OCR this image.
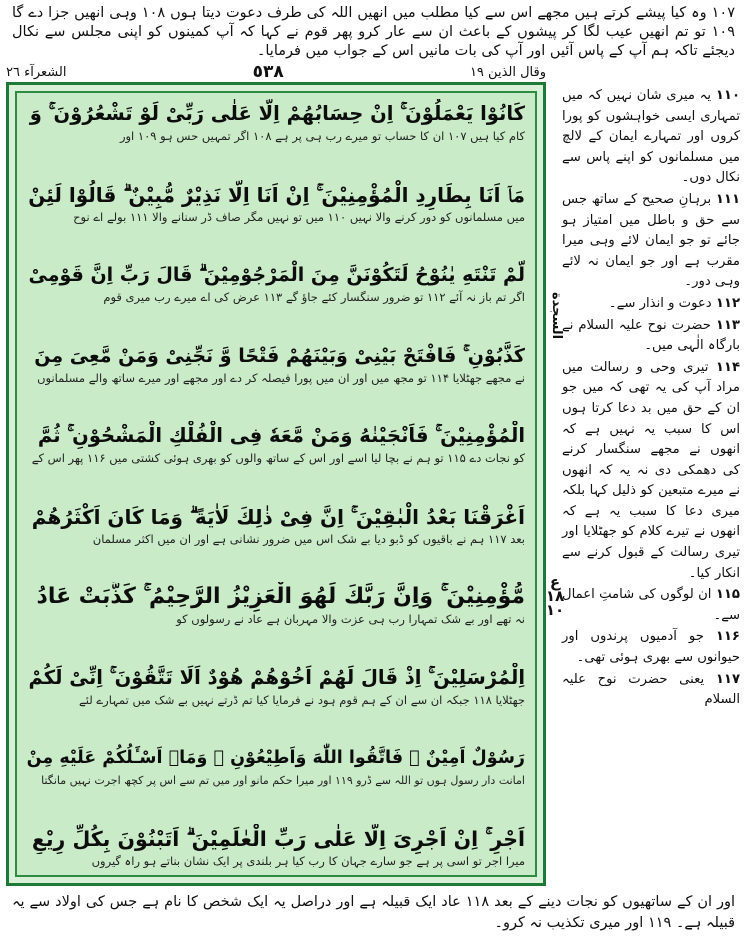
۱۰۷ وہ کیا پیشے کرتے ہیں مجھے اس سے کیا مطلب میں انھیں اللہ کی طرف دعوت دیتا ہوں ۱۰۸ وہی انھیں جزا دے گا ۱۰۹ تو تم انھیں عیب لگا کر پیشوں کے باعث ان سے عار کرو پھر قوم نے کہا کہ آپ کمینوں کو اپنی مجلس سے نکال دیجئے تاکہ ہم آپ کے پاس آئیں اور آپ کی بات مانیں اس کے جواب میں فرمایا۔
وقال الذين ١٩
٥٣٨
الشعرآء ٢٦
كَانُوْا يَعْمَلُوْنَ ۚ اِنْ حِسَابُهُمْ اِلَّا عَلٰى رَبِّىْ لَوْ تَشْعُرُوْنَ ۚ وَ
کام کیا ہیں ۱۰۷ ان کا حساب تو میرے رب ہی پر ہے ۱۰۸ اگر تمہیں حس ہو ۱۰۹ اور
مَاۤ اَنَا بِطَارِدِ الْمُؤْمِنِيْنَ ۚ اِنْ اَنَا اِلَّا نَذِيْرٌ مُّبِيْنٌ ۗ قَالُوْا لَئِنْ
میں مسلمانوں کو دور کرنے والا نہیں ۱۱۰ میں تو نہیں مگر صاف ڈر سنانے والا ۱۱۱ بولے اے نوح
لَّمْ تَنْتَهِ يٰنُوْحُ لَتَكُوْنَنَّ مِنَ الْمَرْجُوْمِيْنَ ۗ قَالَ رَبِّ اِنَّ قَوْمِىْ
اگر تم باز نہ آئے ۱۱۲ تو ضرور سنگسار کئے جاؤ گے ۱۱۳ عرض کی اے میرے رب میری قوم
كَذَّبُوْنِ ۚ فَافْتَحْ بَيْنِىْ وَبَيْنَهُمْ فَتْحًا وَّ نَجِّنِىْ وَمَنْ مَّعِىَ مِنَ
نے مجھے جھٹلایا ۱۱۴ تو مجھ میں اور ان میں پورا فیصلہ کر دے اور مجھے اور میرے ساتھ والے مسلمانوں
الْمُؤْمِنِيْنَ ۚ فَاَنْجَيْنٰهُ وَمَنْ مَّعَهٗ فِى الْفُلْكِ الْمَشْحُوْنِ ۚ ثُمَّ
کو نجات دے ۱۱۵ تو ہم نے بچا لیا اسے اور اس کے ساتھ والوں کو بھری ہوئی کشتی میں ۱۱۶ پھر اس کے
اَغْرَقْنَا بَعْدُ الْبٰقِيْنَ ۚ اِنَّ فِىْ ذٰلِكَ لَاٰيَةً ۗ وَمَا كَانَ اَكْثَرُهُمْ
بعد ۱۱۷ ہم نے باقیوں کو ڈبو دیا بے شک اس میں ضرور نشانی ہے اور ان میں اکثر مسلمان
مُّؤْمِنِيْنَ ۚ وَاِنَّ رَبَّكَ لَهُوَ الْعَزِيْزُ الرَّحِيْمُ ۚ كَذَّبَتْ عَادُ
نہ تھے اور بے شک تمہارا رب ہی عزت والا مہربان ہے عاد نے رسولوں کو
اِلْمُرْسَلِيْنَ ۚ اِذْ قَالَ لَهُمْ اَخُوْهُمْ هُوْدٌ اَلَا تَتَّقُوْنَ ۚ اِنِّىْ لَكُمْ
جھٹلایا ۱۱۸ جبکہ ان سے ان کے ہم قوم ہود نے فرمایا کیا تم ڈرتے نہیں بے شک میں تمہارے لئے
رَسُوْلٌ اَمِيْنٌ ۚ فَاتَّقُوا اللّٰهَ وَاَطِيْعُوْنِ ۚ وَمَاۤ اَسْـَٔلُكُمْ عَلَيْهِ مِنْ
امانت دار رسول ہوں تو اللہ سے ڈرو ۱۱۹ اور میرا حکم مانو اور میں تم سے اس پر کچھ اجرت نہیں مانگتا
اَجْرٍ ۚ اِنْ اَجْرِىَ اِلَّا عَلٰى رَبِّ الْعٰلَمِيْنَ ۗ اَتَبْنُوْنَ بِكُلِّ رِيْعٍ
میرا اجر تو اسی پر ہے جو سارے جہان کا رب کیا ہر بلندی پر ایک نشان بناتے ہو راہ گیروں
السجدة
ع ١٨ ١٠

۱۱۰ یہ میری شان نہیں کہ میں تمہاری ایسی خواہشوں کو پورا کروں اور تمہارے ایمان کے لالچ میں مسلمانوں کو اپنے پاس سے نکال دوں۔

۱۱۱ برہانِ صحیح کے ساتھ جس سے حق و باطل میں امتیاز ہو جائے تو جو ایمان لائے وہی میرا مقرب ہے اور جو ایمان نہ لائے وہی دور۔

۱۱۲ دعوت و انذار سے۔

۱۱۳ حضرت نوح علیہ السلام نے بارگاہ الٰہی میں۔

۱۱۴ تیری وحی و رسالت میں مراد آپ کی یہ تھی کہ میں جو ان کے حق میں بد دعا کرتا ہوں اس کا سبب یہ نہیں ہے کہ انھوں نے مجھے سنگسار کرنے کی دھمکی دی نہ یہ کہ انھوں نے میرے متبعین کو ذلیل کہا بلکہ میری دعا کا سبب یہ ہے کہ انھوں نے تیرے کلام کو جھٹلایا اور تیری رسالت کے قبول کرنے سے انکار کیا۔

۱۱۵ ان لوگوں کی شامتِ اعمال سے۔

۱۱۶ جو آدمیوں پرندوں اور حیوانوں سے بھری ہوئی تھی۔

۱۱۷ یعنی حضرت نوح علیہ السلام

اور ان کے ساتھیوں کو نجات دینے کے بعد ۱۱۸ عاد ایک قبیلہ ہے اور دراصل یہ ایک شخص کا نام ہے جس کی اولاد سے یہ قبیلہ ہے۔ ۱۱۹ اور میری تکذیب نہ کرو۔
